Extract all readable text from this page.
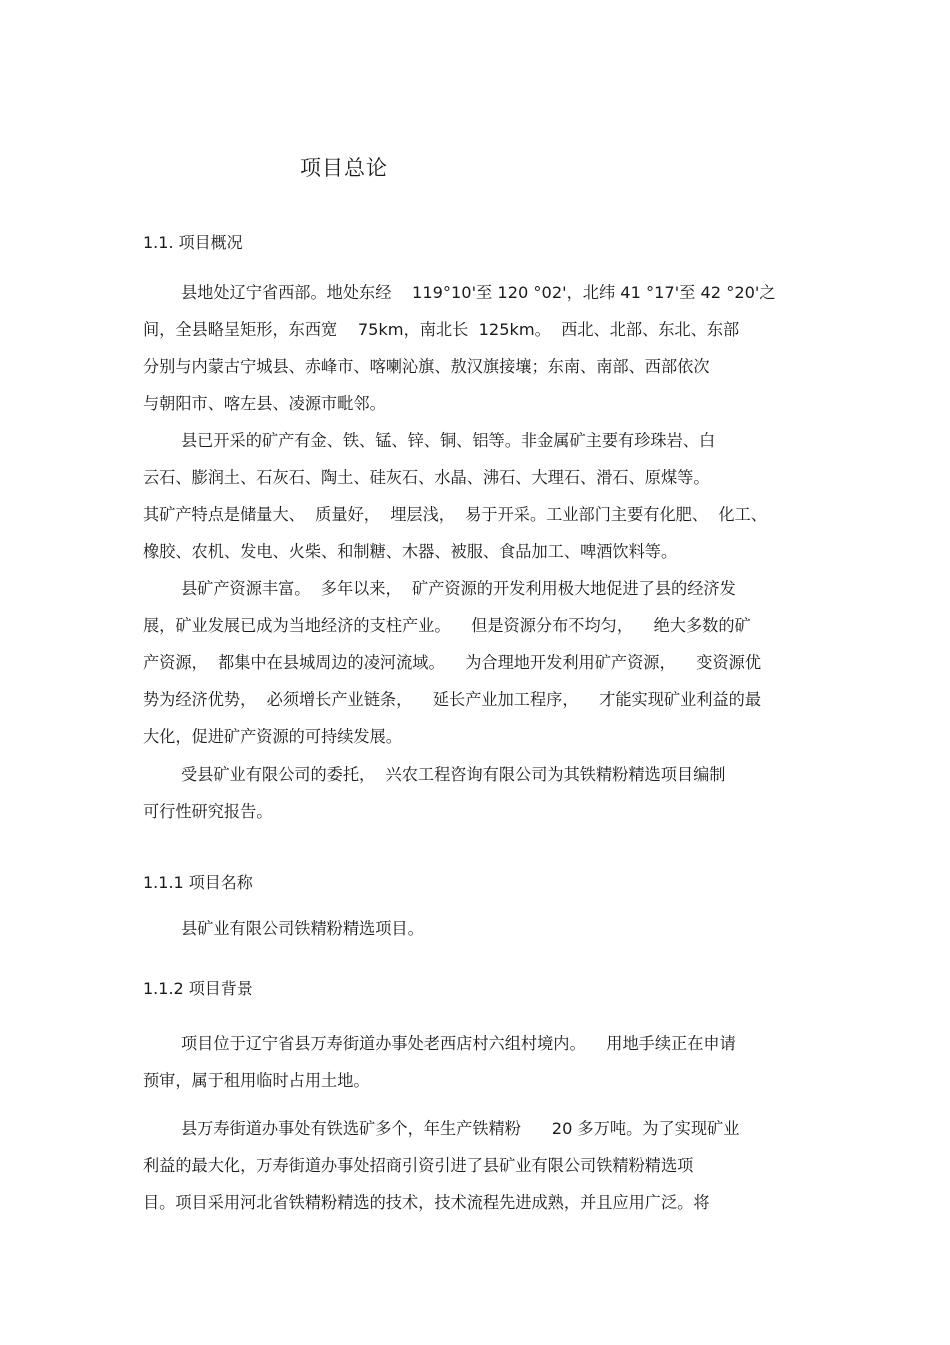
项目总论
1.1. 项目概况
县地处辽宁省西部。地处东经    119°10'至 120 °02'，北纬 41 °17'至 42 °20'之
间，全县略呈矩形，东西宽    75km，南北长  125km。  西北、北部、东北、东部
分别与内蒙古宁城县、赤峰市、喀喇沁旗、敖汉旗接壤；东南、南部、西部依次
与朝阳市、喀左县、凌源市毗邻。
县已开采的矿产有金、铁、锰、锌、铜、铝等。非金属矿主要有珍珠岩、白
云石、膨润土、石灰石、陶土、硅灰石、水晶、沸石、大理石、滑石、原煤等。
其矿产特点是储量大、  质量好，  埋层浅，  易于开采。工业部门主要有化肥、  化工、
橡胶、农机、发电、火柴、和制糖、木器、被服、食品加工、啤酒饮料等。
县矿产资源丰富。  多年以来，  矿产资源的开发利用极大地促进了县的经济发
展，矿业发展已成为当地经济的支柱产业。    但是资源分布不均匀，    绝大多数的矿
产资源，  都集中在县城周边的凌河流域。    为合理地开发利用矿产资源，    变资源优
势为经济优势，  必须增长产业链条，    延长产业加工程序，    才能实现矿业利益的最
大化，促进矿产资源的可持续发展。
受县矿业有限公司的委托，  兴农工程咨询有限公司为其铁精粉精选项目编制
可行性研究报告。
1.1.1 项目名称
县矿业有限公司铁精粉精选项目。
1.1.2 项目背景
项目位于辽宁省县万寿街道办事处老西店村六组村境内。    用地手续正在申请
预审，属于租用临时占用土地。
县万寿街道办事处有铁选矿多个，年生产铁精粉      20 多万吨。为了实现矿业
利益的最大化，万寿街道办事处招商引资引进了县矿业有限公司铁精粉精选项
目。项目采用河北省铁精粉精选的技术，技术流程先进成熟，并且应用广泛。将
